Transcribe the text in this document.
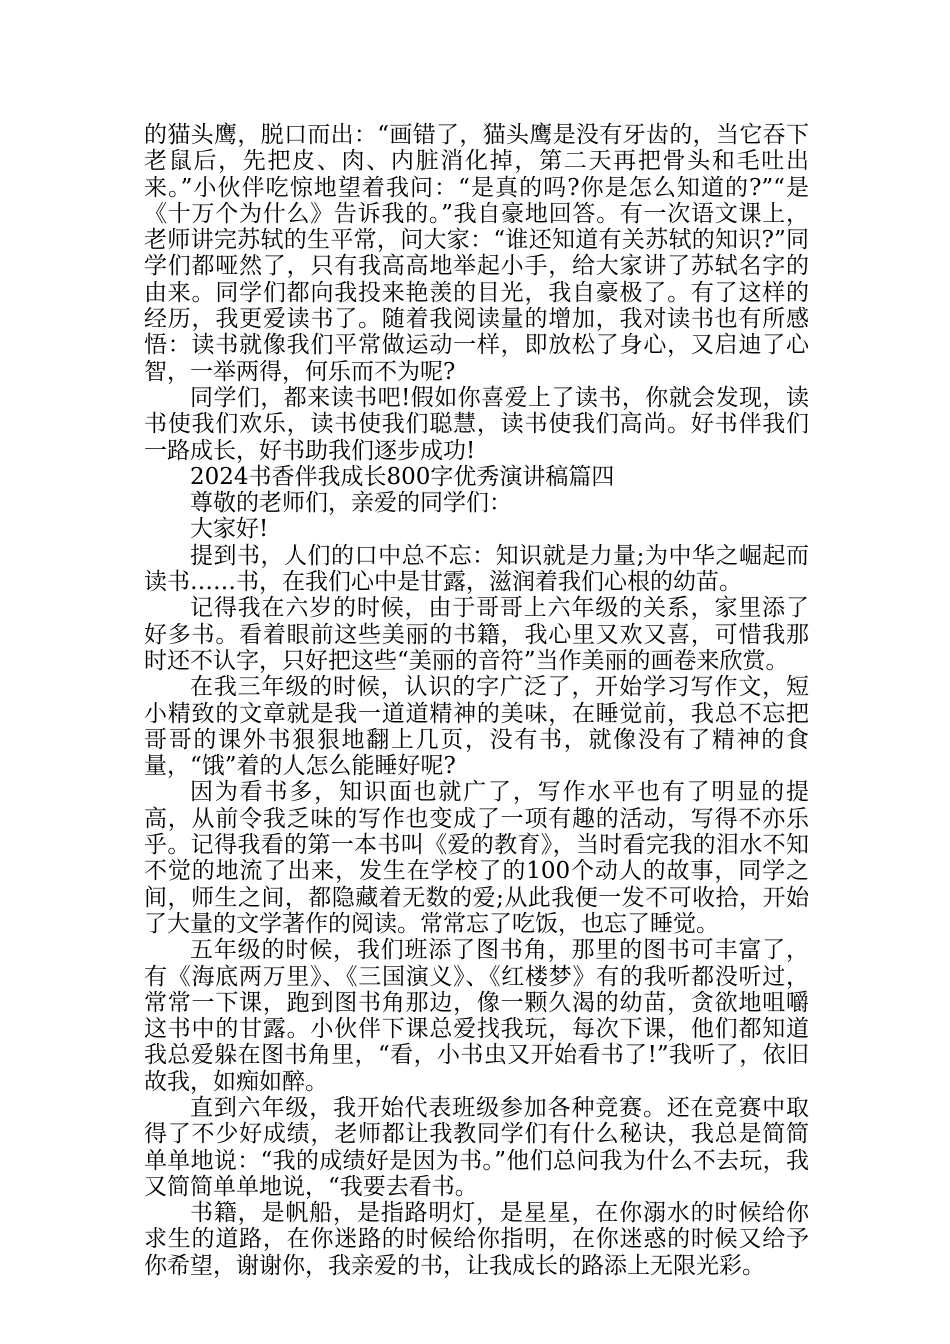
的猫头鹰，脱口而出：“画错了，猫头鹰是没有牙齿的，当它吞下老鼠后，先把皮、肉、内脏消化掉，第二天再把骨头和毛吐出来。”小伙伴吃惊地望着我问：“是真的吗?你是怎么知道的?”“是《十万个为什么》告诉我的。”我自豪地回答。有一次语文课上，老师讲完苏轼的生平常，问大家：“谁还知道有关苏轼的知识?”同学们都哑然了，只有我高高地举起小手，给大家讲了苏轼名字的由来。同学们都向我投来艳羡的目光，我自豪极了。有了这样的经历，我更爱读书了。随着我阅读量的增加，我对读书也有所感悟：读书就像我们平常做运动一样，即放松了身心，又启迪了心智，一举两得，何乐而不为呢?

同学们，都来读书吧!假如你喜爱上了读书，你就会发现，读书使我们欢乐，读书使我们聪慧，读书使我们高尚。好书伴我们一路成长，好书助我们逐步成功!

2024书香伴我成长800字优秀演讲稿篇四

尊敬的老师们，亲爱的同学们：

大家好!

提到书，人们的口中总不忘：知识就是力量;为中华之崛起而读书……书，在我们心中是甘露，滋润着我们心根的幼苗。

记得我在六岁的时候，由于哥哥上六年级的关系，家里添了好多书。看着眼前这些美丽的书籍，我心里又欢又喜，可惜我那时还不认字，只好把这些“美丽的音符”当作美丽的画卷来欣赏。

在我三年级的时候，认识的字广泛了，开始学习写作文，短小精致的文章就是我一道道精神的美味，在睡觉前，我总不忘把哥哥的课外书狠狠地翻上几页，没有书，就像没有了精神的食量，“饿”着的人怎么能睡好呢?

因为看书多，知识面也就广了，写作水平也有了明显的提高，从前令我乏味的写作也变成了一项有趣的活动，写得不亦乐乎。记得我看的第一本书叫《爱的教育》，当时看完我的泪水不知不觉的地流了出来，发生在学校了的100个动人的故事，同学之间，师生之间，都隐藏着无数的爱;从此我便一发不可收拾，开始了大量的文学著作的阅读。常常忘了吃饭，也忘了睡觉。

五年级的时候，我们班添了图书角，那里的图书可丰富了，有《海底两万里》、《三国演义》、《红楼梦》有的我听都没听过，常常一下课，跑到图书角那边，像一颗久渴的幼苗，贪欲地咀嚼这书中的甘露。小伙伴下课总爱找我玩，每次下课，他们都知道我总爱躲在图书角里，“看，小书虫又开始看书了!”我听了，依旧故我，如痴如醉。

直到六年级，我开始代表班级参加各种竞赛。还在竞赛中取得了不少好成绩，老师都让我教同学们有什么秘诀，我总是简简单单地说：“我的成绩好是因为书。”他们总问我为什么不去玩，我又简简单单地说，“我要去看书。

书籍，是帆船，是指路明灯，是星星，在你溺水的时候给你求生的道路，在你迷路的时候给你指明，在你迷惑的时候又给予你希望，谢谢你，我亲爱的书，让我成长的路添上无限光彩。
